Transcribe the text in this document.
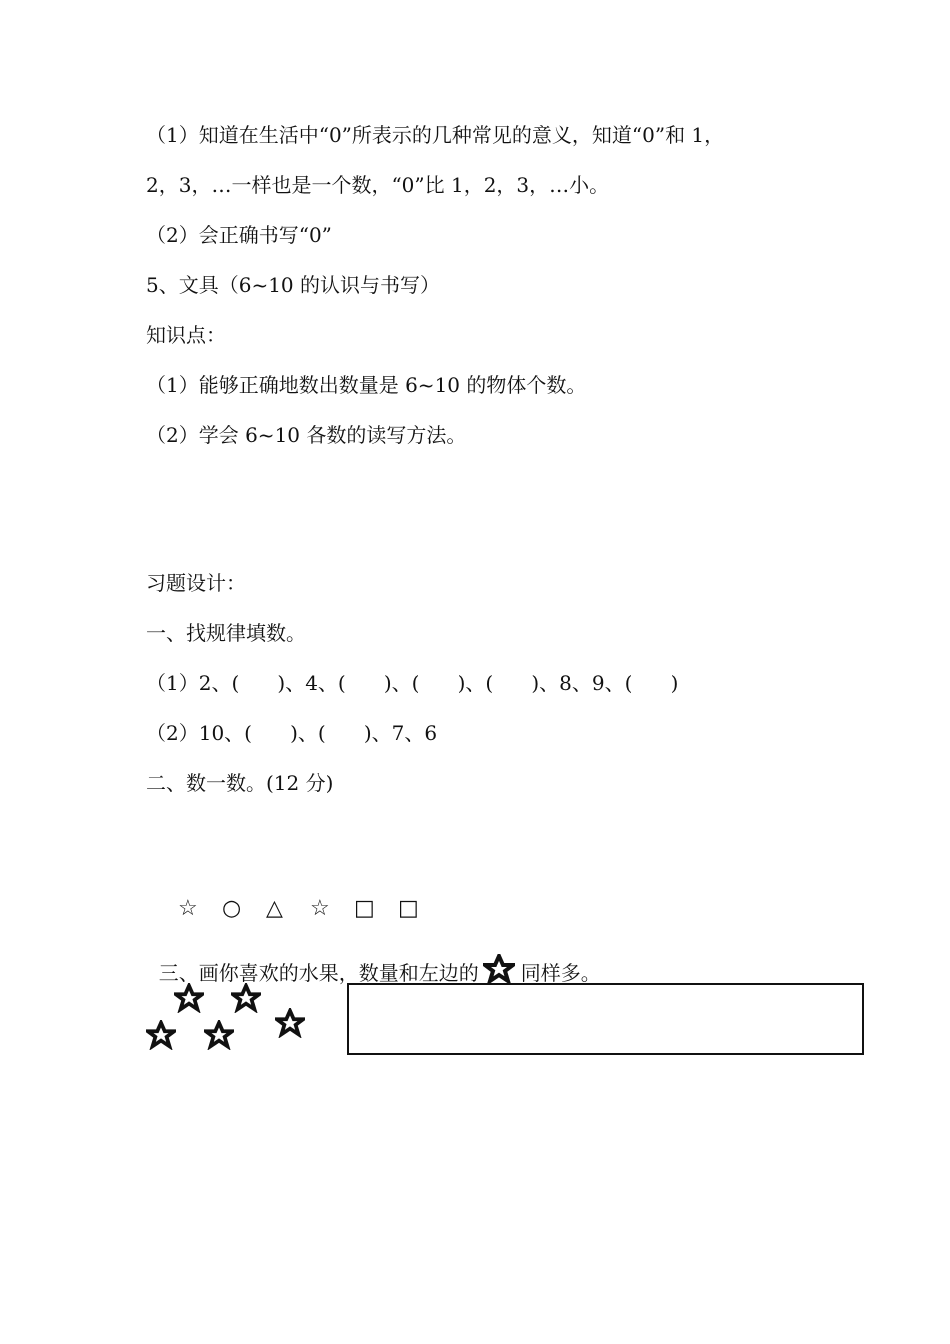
（1）知道在生活中“0”所表示的几种常见的意义，知道“0”和 1，
2，3，…一样也是一个数，“0”比 1，2，3，…小。
（2）会正确书写“0”
5、文具（6~10 的认识与书写）
知识点：
（1）能够正确地数出数量是 6~10 的物体个数。
（2）学会 6~10 各数的读写方法。
习题设计：
一、找规律填数。
（1）2、(      )、4、(      )、(      )、(      )、8、9、(      )
（2）10、(      )、(      )、7、6
二、数一数。(12 分)

☆ ○ △ ☆ □ □

三、画你喜欢的水果，数量和左边的 同样多。
